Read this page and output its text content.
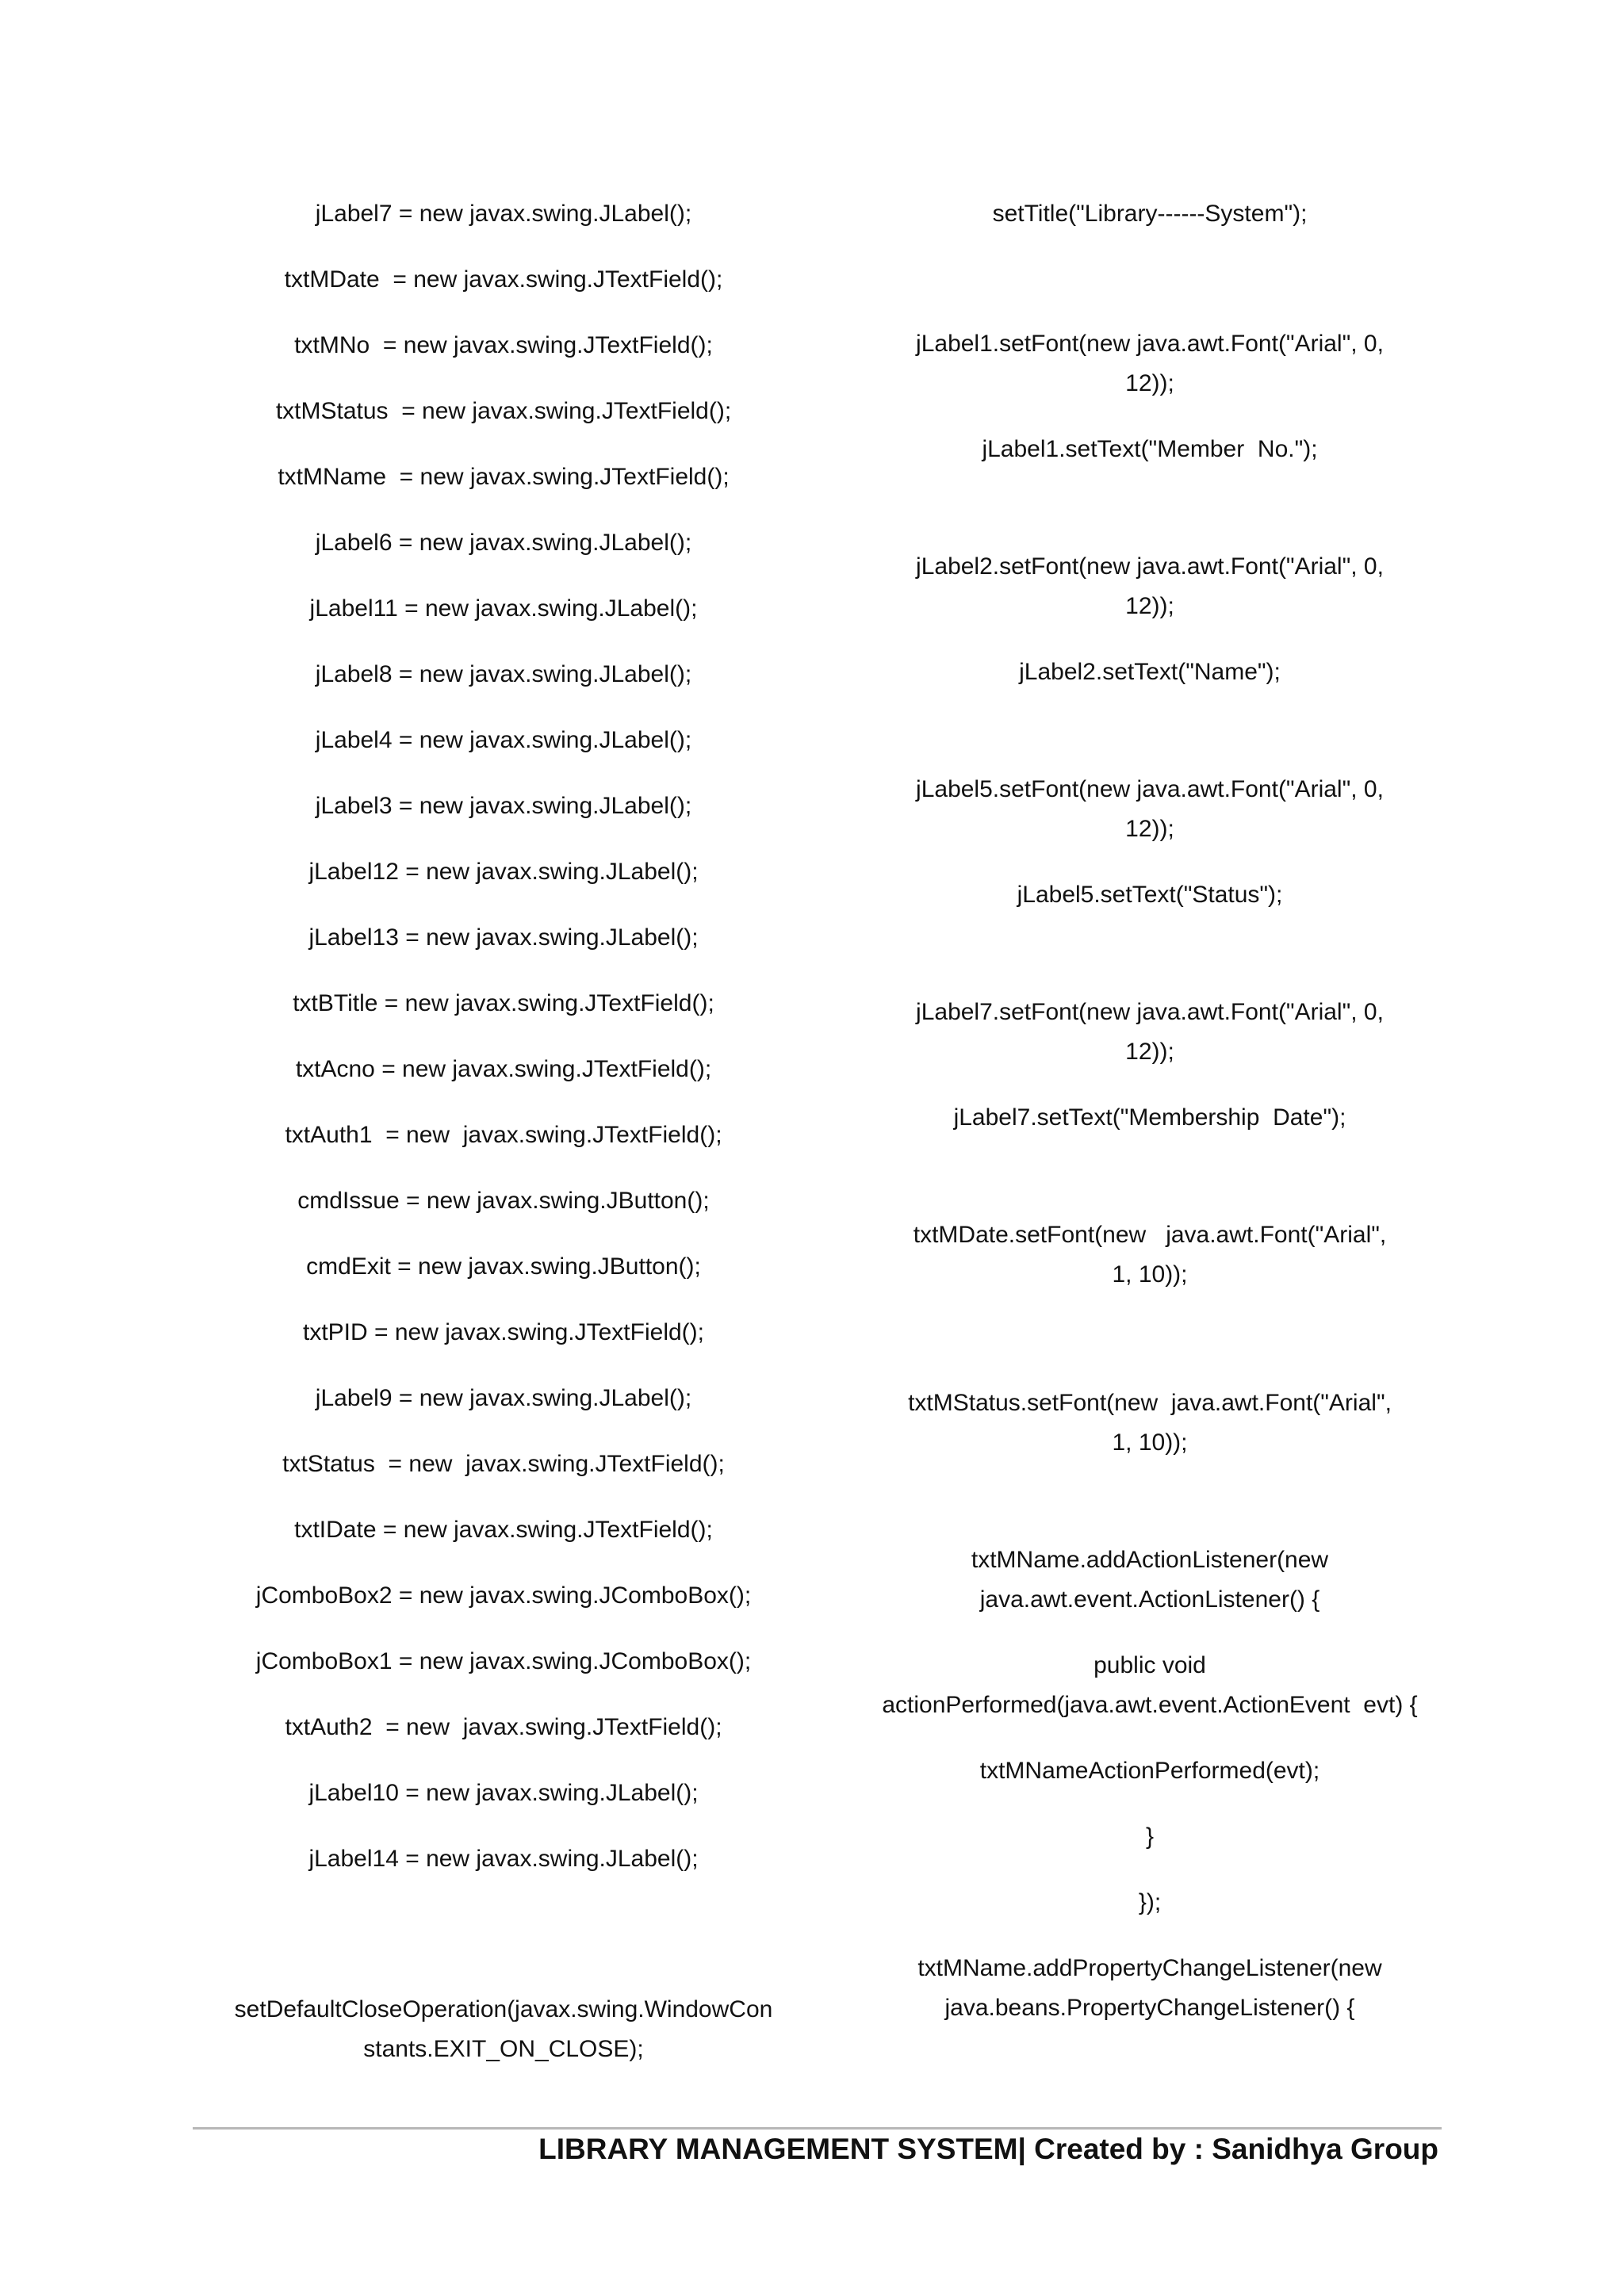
jLabel7 = new javax.swing.JLabel();
txtMDate  = new javax.swing.JTextField();
txtMNo  = new javax.swing.JTextField();
txtMStatus  = new javax.swing.JTextField();
txtMName  = new javax.swing.JTextField();
jLabel6 = new javax.swing.JLabel();
jLabel11 = new javax.swing.JLabel();
jLabel8 = new javax.swing.JLabel();
jLabel4 = new javax.swing.JLabel();
jLabel3 = new javax.swing.JLabel();
jLabel12 = new javax.swing.JLabel();
jLabel13 = new javax.swing.JLabel();
txtBTitle = new javax.swing.JTextField();
txtAcno = new javax.swing.JTextField();
txtAuth1  = new  javax.swing.JTextField();
cmdIssue = new javax.swing.JButton();
cmdExit = new javax.swing.JButton();
txtPID = new javax.swing.JTextField();
jLabel9 = new javax.swing.JLabel();
txtStatus  = new  javax.swing.JTextField();
txtIDate = new javax.swing.JTextField();
jComboBox2 = new javax.swing.JComboBox();
jComboBox1 = new javax.swing.JComboBox();
txtAuth2  = new  javax.swing.JTextField();
jLabel10 = new javax.swing.JLabel();
jLabel14 = new javax.swing.JLabel();
setDefaultCloseOperation(javax.swing.WindowCon
stants.EXIT_ON_CLOSE);
setTitle("Library------System");
jLabel1.setFont(new java.awt.Font("Arial", 0,
12));
jLabel1.setText("Member  No.");
jLabel2.setFont(new java.awt.Font("Arial", 0,
12));
jLabel2.setText("Name");
jLabel5.setFont(new java.awt.Font("Arial", 0,
12));
jLabel5.setText("Status");
jLabel7.setFont(new java.awt.Font("Arial", 0,
12));
jLabel7.setText("Membership  Date");
txtMDate.setFont(new   java.awt.Font("Arial",
1, 10));
txtMStatus.setFont(new  java.awt.Font("Arial",
1, 10));
txtMName.addActionListener(new
java.awt.event.ActionListener() {
public void
actionPerformed(java.awt.event.ActionEvent  evt) {
txtMNameActionPerformed(evt);
}
});
txtMName.addPropertyChangeListener(new
java.beans.PropertyChangeListener() {
LIBRARY MANAGEMENT SYSTEM| Created by : Sanidhya Group
